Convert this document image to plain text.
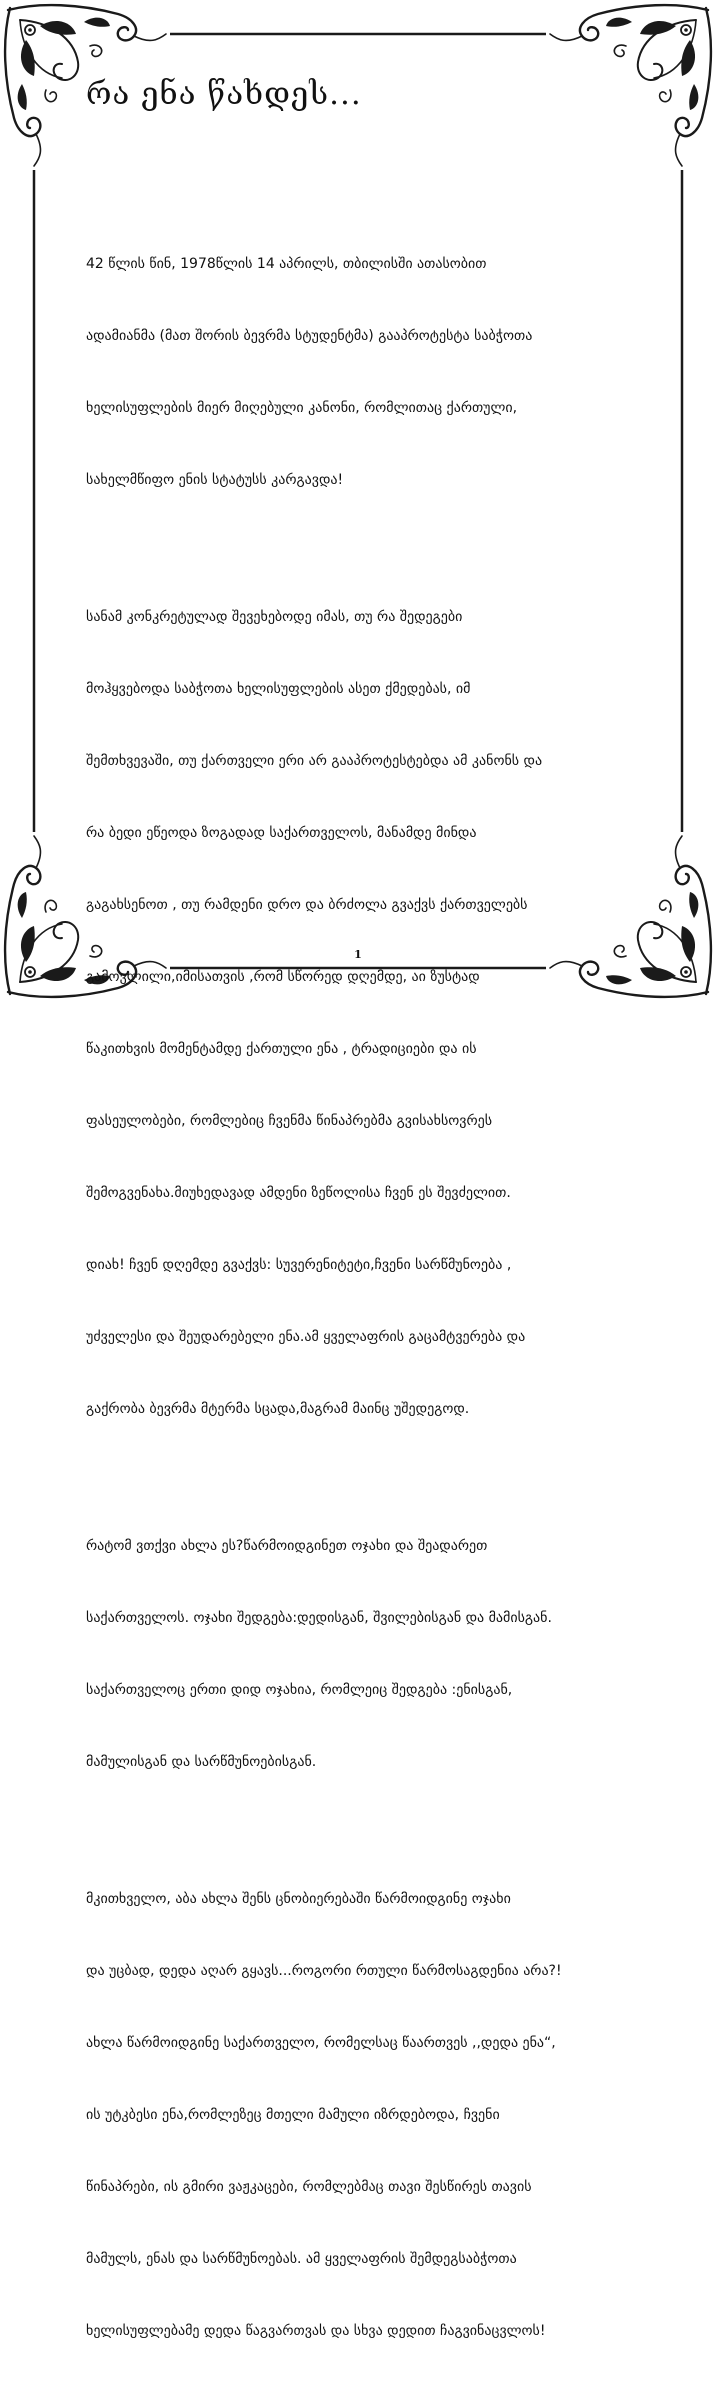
რა ენა წახდეს...

42 წლის წინ, 1978წლის 14 აპრილს, თბილისში ათასობით

ადამიანმა (მათ შორის ბევრმა სტუდენტმა) გააპროტესტა საბჭოთა

ხელისუფლების მიერ მიღებული კანონი, რომლითაც ქართული,

სახელმწიფო ენის სტატუსს კარგავდა!

სანამ კონკრეტულად შევეხებოდე იმას, თუ რა შედეგები

მოჰყვებოდა საბჭოთა ხელისუფლების ასეთ ქმედებას, იმ

შემთხვევაში, თუ ქართველი ერი არ გააპროტესტებდა ამ კანონს და

რა ბედი ეწეოდა ზოგადად საქართველოს, მანამდე მინდა

გაგახსენოთ , თუ რამდენი დრო და ბრძოლა გვაქვს ქართველებს

გამოვლილი,იმისათვის ,რომ სწორედ დღემდე, აი ზუსტად

წაკითხვის მომენტამდე ქართული ენა , ტრადიციები და ის

ფასეულობები, რომლებიც ჩვენმა წინაპრებმა გვისახსოვრეს

შემოგვენახა.მიუხედავად ამდენი ზეწოლისა ჩვენ ეს შევძელით.

დიახ! ჩვენ დღემდე გვაქვს: სუვერენიტეტი,ჩვენი სარწმუნოება ,

უძველესი და შეუდარებელი ენა.ამ ყველაფრის გაცამტვერება და

გაქრობა ბევრმა მტერმა სცადა,მაგრამ მაინც უშედეგოდ.

რატომ ვთქვი ახლა ეს?წარმოიდგინეთ ოჯახი და შეადარეთ

საქართველოს. ოჯახი შედგება:დედისგან, შვილებისგან და მამისგან.

საქართველოც ერთი დიდ ოჯახია, რომლეიც შედგება :ენისგან,

მამულისგან და სარწმუნოებისგან.

მკითხველო, აბა ახლა შენს ცნობიერებაში წარმოიდგინე ოჯახი

და უცბად, დედა აღარ გყავს...როგორი რთული წარმოსაგდენია არა?!

ახლა წარმოიდგინე საქართველო, რომელსაც წაართვეს ,,დედა ენა“,

ის უტკბესი ენა,რომლეზეც მთელი მამული იზრდებოდა, ჩვენი

წინაპრები, ის გმირი ვაჟკაცები, რომლებმაც თავი შესწირეს თავის

მამულს, ენას და სარწმუნოებას. ამ ყველაფრის შემდეგსაბჭოთა

ხელისუფლებამე დედა წაგვართვას და სხვა დედით ჩაგვინაცვლოს!

1
